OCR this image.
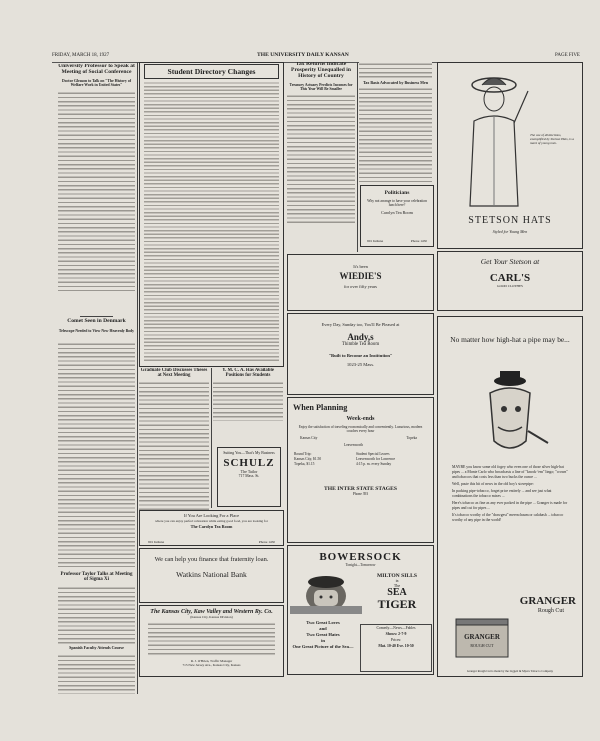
FRIDAY, MARCH 18, 1927	THE UNIVERSITY DAILY KANSAN	PAGE FIVE
University Professor to Speak at Meeting of Social Conference
Doctor Gleason to Talk on "The History of Welfare Work in United States"
Comet Seen in Denmark
Telescope Needed to View New Heavenly Body
Professor Taylor Talks at Meeting of Sigma Xi
Spanish Faculty Attends Course
Student Directory Changes
Graduate Club Discusses Theses at Next Meeting
Y. M. C. A. Has Available Positions for Students
Suiting You—That's My Business
SCHULZ
The Tailor
717 Mass. St.
If You Are Looking For a Place
where you can enjoy perfect relaxation while eating good food, you are looking for
The Carolyn Tea Room
901 Indiana	Phone 1450
We can help you finance that fraternity loan.
Watkins National Bank
The Kansas City, Kaw Valley and Western Ry. Co.
(Kansas City, Kansas Division)
R. J. O'Brien, Traffic Manager
715 New Jersey Ave., Kansas City, Kansas
Tax Returns Indicate Prosperity Unequalled in History of Country
Treasury Actuary Predicts Incomes for This Year Will Be Smaller
Tax Basis Advocated by Business Men
Politicians
Why not arrange to have your celebration lunch here?
Carolyn Tea Room
901 Indiana	Phone 1450
It's been
WIEDIE'S
for over fifty years
Every Day, Sunday too, You'll Be Pleased at
Andy,s
Thimble Tea Room
"Built to Become an Institution"
1023-25 Mass.
When Planning
Week-ends
Enjoy the satisfaction of traveling economically and conveniently. Luxurious, modern coaches every hour
Kansas City	Topeka
Leavenworth
Round Trip:
Kansas City, $1.50
Topeka, $1.15
Student Special Leaves
Leavenworth for Lawrence
4:15 p. m. every Sunday
THE INTER STATE STAGES
Phone 393
BOWERSOCK
Tonight—Tomorrow
MILTON SILLS
in
The
SEA
TIGER
Two Great Loves
and
Two Great Hates
in
One Great Picture of the Sea—
Comedy—News—Fables
Shows: 2-7-9
Prices:
Mat. 10-40 Eve. 10-50
The use of distinctions, exemplified by Stetson Hats, is a mark of young men.
STETSON HATS
Styled for Young Men
Get Your Stetson at
CARL'S
GOOD CLOTHES
No matter how high-hat a pipe may be...
MAYBE you know some old fogey who even one of those silver high-hat pipes ... a Monte Carlo who broadcasts a line of "knock-'em" lingo; "crown" and tobaccos that costs less than two bucks the ounce ...
Well, paste this bit of news in the old boy's stovepipe:
In packing pipe-tobacco, forget price entirely ... and see just what combinations the tobacco mixes ...
Here's tobacco as fine as any ever packed in the pipe ... Granger is made for pipes and cut for pipes ...
It's tobacco worthy of the "drawgest" meerschaum or calabash ... tobacco worthy of any pipe in the world!
GRANGER
Rough Cut
GRANGER
ROUGH CUT
Granger Rough Cut is made by the Liggett & Myers Tobacco Company
